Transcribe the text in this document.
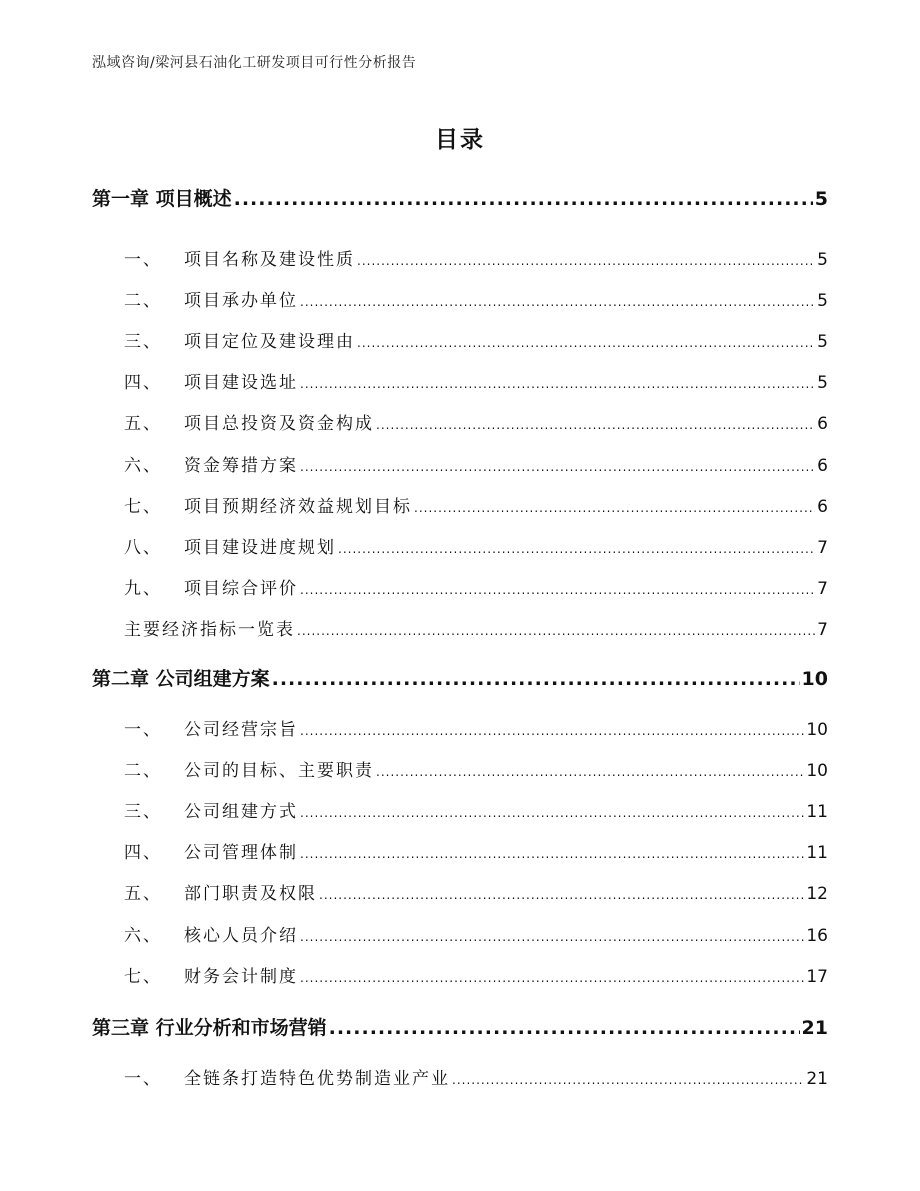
泓域咨询/梁河县石油化工研发项目可行性分析报告
目录
第一章 项目概述 .....	5
一、 项目名称及建设性质 .....	5
二、 项目承办单位 .....	5
三、 项目定位及建设理由 .....	5
四、 项目建设选址 .....	5
五、 项目总投资及资金构成 .....	6
六、 资金筹措方案 .....	6
七、 项目预期经济效益规划目标 .....	6
八、 项目建设进度规划 .....	7
九、 项目综合评价 .....	7
主要经济指标一览表 .....	7
第二章 公司组建方案 .....	10
一、 公司经营宗旨 .....	10
二、 公司的目标、主要职责 .....	10
三、 公司组建方式 .....	11
四、 公司管理体制 .....	11
五、 部门职责及权限 .....	12
六、 核心人员介绍 .....	16
七、 财务会计制度 .....	17
第三章 行业分析和市场营销 .....	21
一、 全链条打造特色优势制造业产业 .....	21
